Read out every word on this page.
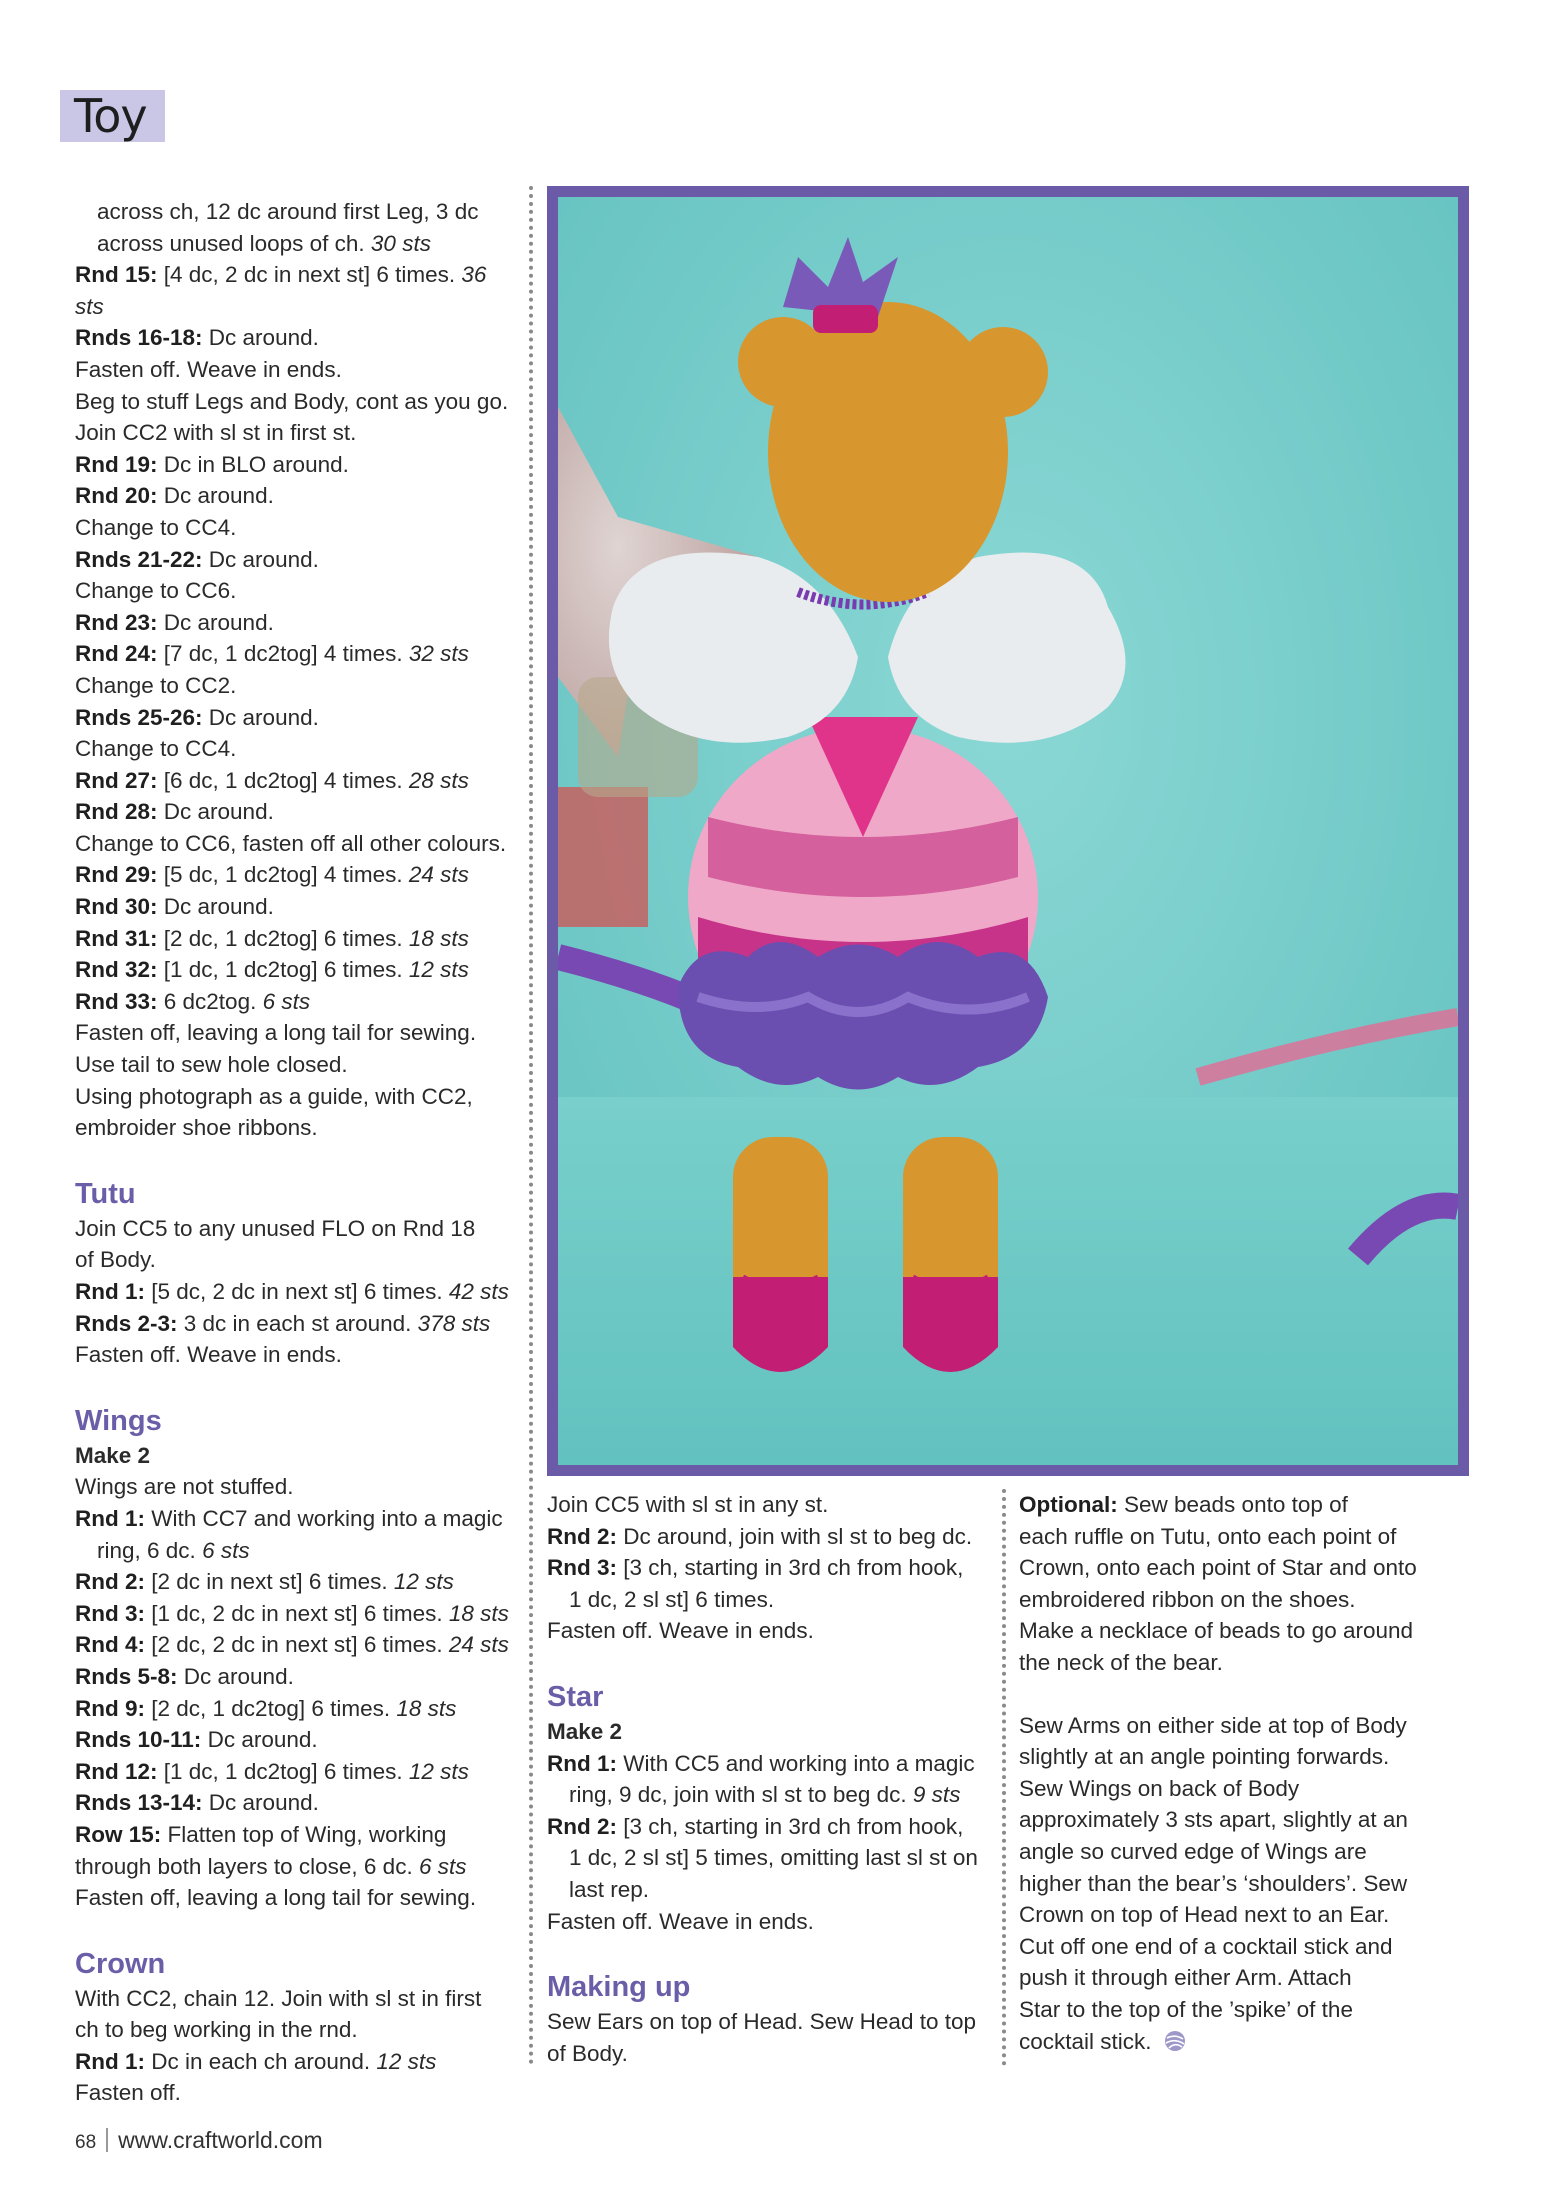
Toy

across ch, 12 dc around first Leg, 3 dc

across unused loops of ch. 30 sts

Rnd 15: [4 dc, 2 dc in next st] 6 times. 36 sts

Rnds 16-18: Dc around.

Fasten off. Weave in ends.

Beg to stuff Legs and Body, cont as you go.

Join CC2 with sl st in first st.

Rnd 19: Dc in BLO around.

Rnd 20: Dc around.

Change to CC4.

Rnds 21-22: Dc around.

Change to CC6.

Rnd 23: Dc around.

Rnd 24: [7 dc, 1 dc2tog] 4 times. 32 sts

Change to CC2.

Rnds 25-26: Dc around.

Change to CC4.

Rnd 27: [6 dc, 1 dc2tog] 4 times. 28 sts

Rnd 28: Dc around.

Change to CC6, fasten off all other colours.

Rnd 29: [5 dc, 1 dc2tog] 4 times. 24 sts

Rnd 30: Dc around.

Rnd 31: [2 dc, 1 dc2tog] 6 times. 18 sts

Rnd 32: [1 dc, 1 dc2tog] 6 times. 12 sts

Rnd 33: 6 dc2tog. 6 sts

Fasten off, leaving a long tail for sewing.

Use tail to sew hole closed.

Using photograph as a guide, with CC2,

embroider shoe ribbons.

Tutu

Join CC5 to any unused FLO on Rnd 18

of Body.

Rnd 1: [5 dc, 2 dc in next st] 6 times. 42 sts

Rnds 2-3: 3 dc in each st around. 378 sts

Fasten off. Weave in ends.

Wings
Make 2

Wings are not stuffed.

Rnd 1: With CC7 and working into a magic

ring, 6 dc. 6 sts

Rnd 2: [2 dc in next st] 6 times. 12 sts

Rnd 3: [1 dc, 2 dc in next st] 6 times. 18 sts

Rnd 4: [2 dc, 2 dc in next st] 6 times. 24 sts

Rnds 5-8: Dc around.

Rnd 9: [2 dc, 1 dc2tog] 6 times. 18 sts

Rnds 10-11: Dc around.

Rnd 12: [1 dc, 1 dc2tog] 6 times. 12 sts

Rnds 13-14: Dc around.

Row 15: Flatten top of Wing, working

through both layers to close, 6 dc. 6 sts

Fasten off, leaving a long tail for sewing.

Crown

With CC2, chain 12. Join with sl st in first

ch to beg working in the rnd.

Rnd 1: Dc in each ch around. 12 sts

Fasten off.

Join CC5 with sl st in any st.

Rnd 2: Dc around, join with sl st to beg dc.

Rnd 3: [3 ch, starting in 3rd ch from hook,

1 dc, 2 sl st] 6 times.

Fasten off. Weave in ends.

Star
Make 2

Rnd 1: With CC5 and working into a magic

ring, 9 dc, join with sl st to beg dc. 9 sts

Rnd 2: [3 ch, starting in 3rd ch from hook,

1 dc, 2 sl st] 5 times, omitting last sl st on

last rep.

Fasten off. Weave in ends.

Making up

Sew Ears on top of Head. Sew Head to top

of Body.

Optional: Sew beads onto top of

each ruffle on Tutu, onto each point of

Crown, onto each point of Star and onto

embroidered ribbon on the shoes.

Make a necklace of beads to go around

the neck of the bear.

Sew Arms on either side at top of Body

slightly at an angle pointing forwards.

Sew Wings on back of Body

approximately 3 sts apart, slightly at an

angle so curved edge of Wings are

higher than the bear’s ‘shoulders’. Sew

Crown on top of Head next to an Ear.

Cut off one end of a cocktail stick and

push it through either Arm. Attach

Star to the top of the ’spike’ of the

cocktail stick.

68 www.craftworld.com
